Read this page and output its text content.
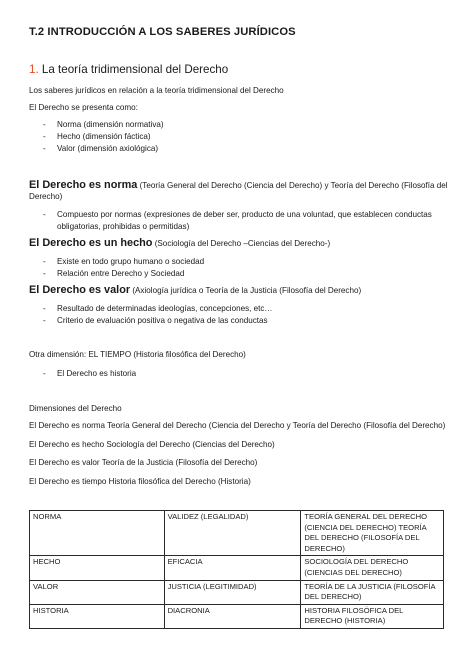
T.2 INTRODUCCIÓN A LOS SABERES JURÍDICOS
1. La teoría tridimensional del Derecho
Los saberes jurídicos en relación a la teoría tridimensional del Derecho
El Derecho se presenta como:
- Norma (dimensión normativa)
- Hecho (dimensión fáctica)
- Valor (dimensión axiológica)
El Derecho es norma (Teoría General del Derecho (Ciencia del Derecho) y Teoría del Derecho (Filosofía del
Derecho)
- Compuesto por normas (expresiones de deber ser, producto de una voluntad, que establecen conductas
obligatorias, prohibidas o permitidas)
El Derecho es un hecho (Sociología del Derecho –Ciencias del Derecho-)
- Existe en todo grupo humano o sociedad
- Relación entre Derecho y Sociedad
El Derecho es valor (Axiología jurídica o Teoría de la Justicia (Filosofía del Derecho)
- Resultado de determinadas ideologías, concepciones, etc…
- Criterio de evaluación positiva o negativa de las conductas
Otra dimensión: EL TIEMPO (Historia filosófica del Derecho)
- El Derecho es historia
Dimensiones del Derecho
El Derecho es norma Teoría General del Derecho (Ciencia del Derecho y Teoría del Derecho (Filosofía del Derecho)
El Derecho es hecho Sociología del Derecho (Ciencias del Derecho)
El Derecho es valor Teoría de la Justicia (Filosofía del Derecho)
El Derecho es tiempo Historia filosófica del Derecho (Historia)
NORMA	VALIDEZ (LEGALIDAD)	TEORÍA GENERAL DEL DERECHO (CIENCIA DEL DERECHO) TEORÍA DEL DERECHO (FILOSOFÍA DEL DERECHO)
HECHO	EFICACIA	SOCIOLOGÍA DEL DERECHO (CIENCIAS DEL DERECHO)
VALOR	JUSTICIA (LEGITIMIDAD)	TEORÍA DE LA JUSTICIA (FILOSOFÍA DEL DERECHO)
HISTORIA	DIACRONIA	HISTORIA FILOSÓFICA DEL DERECHO (HISTORIA)
